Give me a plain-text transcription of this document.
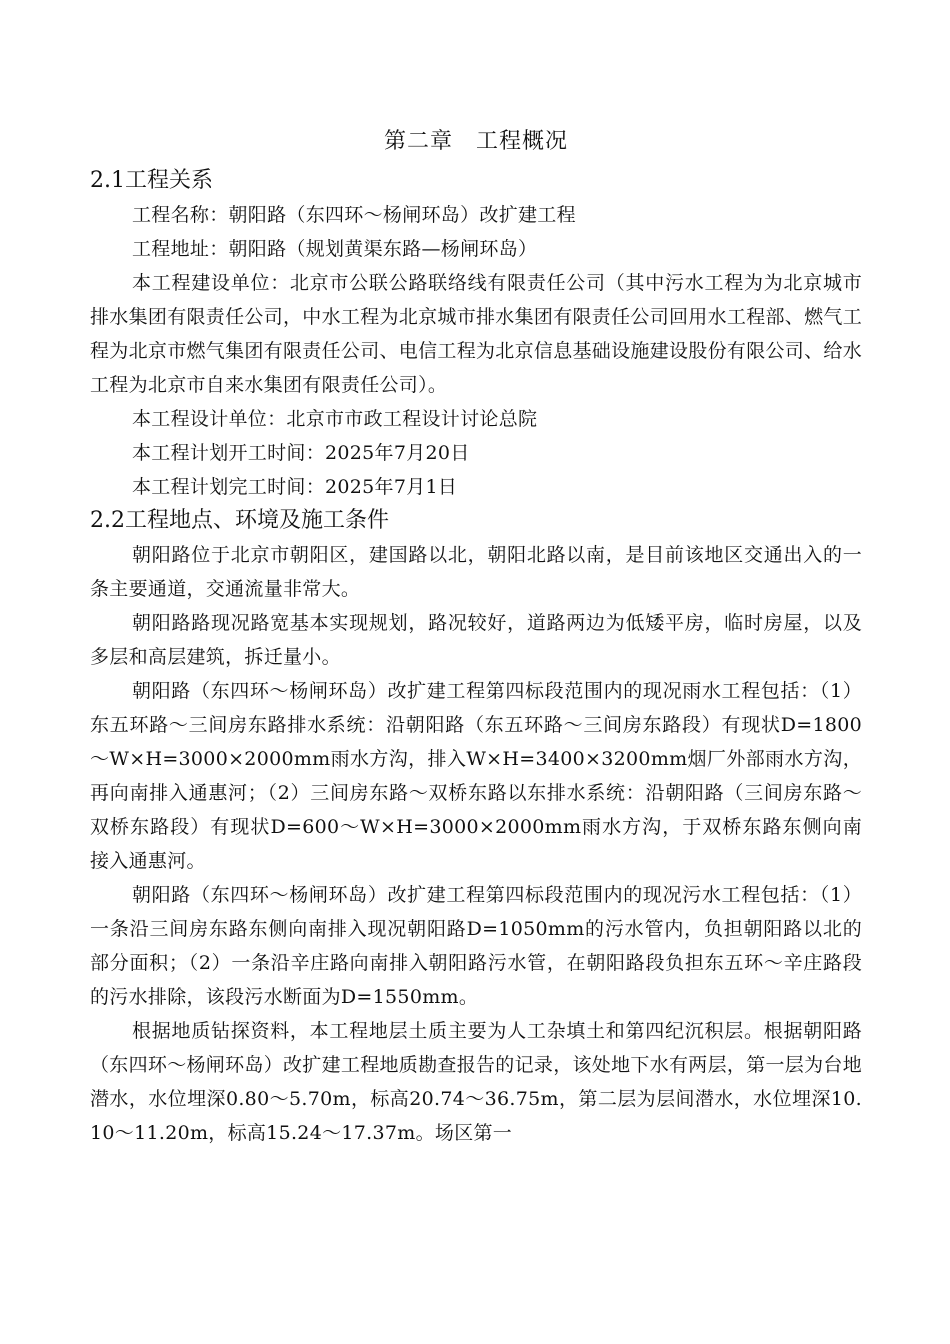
第二章　工程概况
2.1工程关系

工程名称：朝阳路（东四环～杨闸环岛）改扩建工程

工程地址：朝阳路（规划黄渠东路—杨闸环岛）

本工程建设单位：北京市公联公路联络线有限责任公司（其中污水工程为为北京城市排水集团有限责任公司，中水工程为北京城市排水集团有限责任公司回用水工程部、燃气工程为北京市燃气集团有限责任公司、电信工程为北京信息基础设施建设股份有限公司、给水工程为北京市自来水集团有限责任公司）。

本工程设计单位：北京市市政工程设计讨论总院

本工程计划开工时间：2025年7月20日

本工程计划完工时间：2025年7月1日

2.2工程地点、环境及施工条件

朝阳路位于北京市朝阳区，建国路以北，朝阳北路以南，是目前该地区交通出入的一条主要通道，交通流量非常大。

朝阳路路现况路宽基本实现规划，路况较好，道路两边为低矮平房，临时房屋，以及多层和高层建筑，拆迁量小。

朝阳路（东四环～杨闸环岛）改扩建工程第四标段范围内的现况雨水工程包括：（1）东五环路～三间房东路排水系统：沿朝阳路（东五环路～三间房东路段）有现状D=1800～W×H=3000×2000mm雨水方沟，排入W×H=3400×3200mm烟厂外部雨水方沟，再向南排入通惠河；（2）三间房东路～双桥东路以东排水系统：沿朝阳路（三间房东路～双桥东路段）有现状D=600～W×H=3000×2000mm雨水方沟，于双桥东路东侧向南接入通惠河。

朝阳路（东四环～杨闸环岛）改扩建工程第四标段范围内的现况污水工程包括：（1）一条沿三间房东路东侧向南排入现况朝阳路D=1050mm的污水管内，负担朝阳路以北的部分面积；（2）一条沿辛庄路向南排入朝阳路污水管，在朝阳路段负担东五环～辛庄路段的污水排除，该段污水断面为D=1550mm。

根据地质钻探资料，本工程地层土质主要为人工杂填土和第四纪沉积层。根据朝阳路（东四环～杨闸环岛）改扩建工程地质勘查报告的记录，该处地下水有两层，第一层为台地潜水，水位埋深0.80～5.70m，标高20.74～36.75m，第二层为层间潜水，水位埋深10.10～11.20m，标高15.24～17.37m。场区第一
